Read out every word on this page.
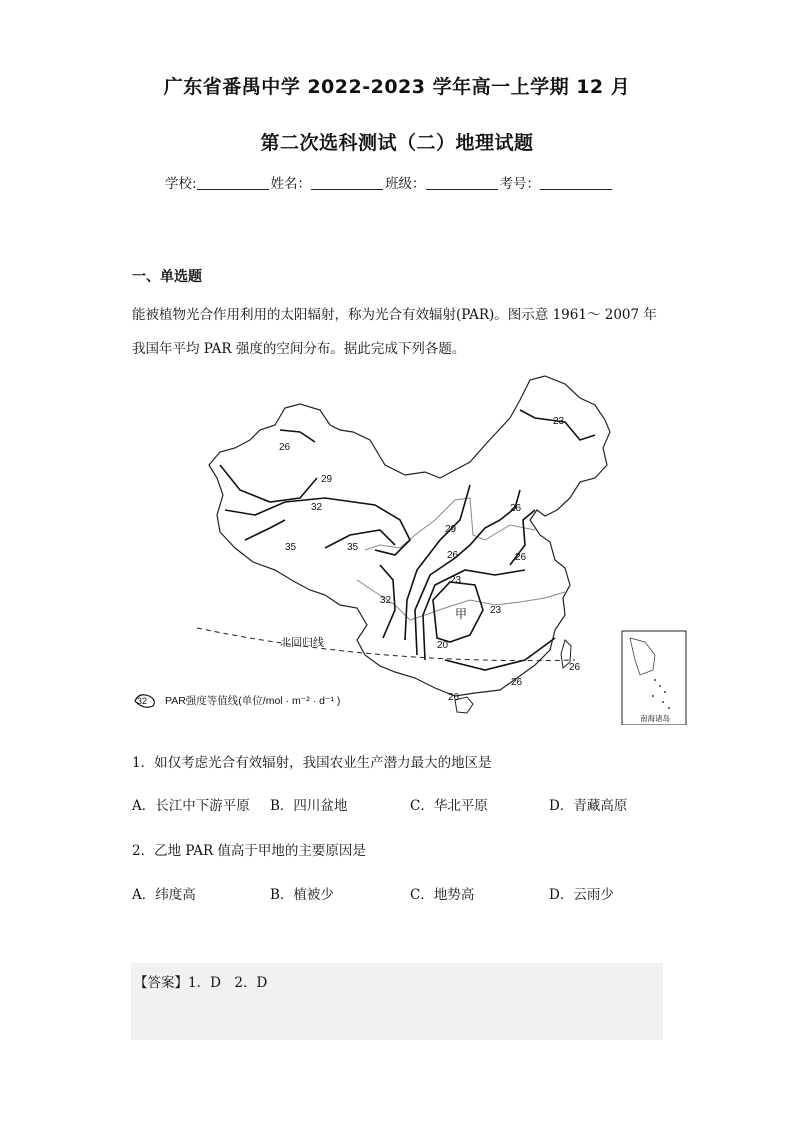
广东省番禺中学 2022-2023 学年高一上学期 12 月
第二次选科测试（二）地理试题
学校:	姓名：	班级：	考号：
一、单选题
能被植物光合作用利用的太阳辐射，称为光合有效辐射(PAR)。图示意 1961～ 2007 年
我国年平均 PAR 强度的空间分布。据此完成下列各题。
26
29
32
35	35
32
29
26
23
26
26
23
20
26
26
26
23
甲
北回归线
32 PAR强度等值线(单位/mol · m⁻² · d⁻¹ )
南海诸岛
1．如仅考虑光合有效辐射，我国农业生产潜力最大的地区是
A．长江中下游平原 B．四川盆地	C．华北平原	D．青藏高原
2．乙地 PAR 值高于甲地的主要原因是
A．纬度高	B．植被少	C．地势高	D．云雨少
【答案】1．D　2．D
